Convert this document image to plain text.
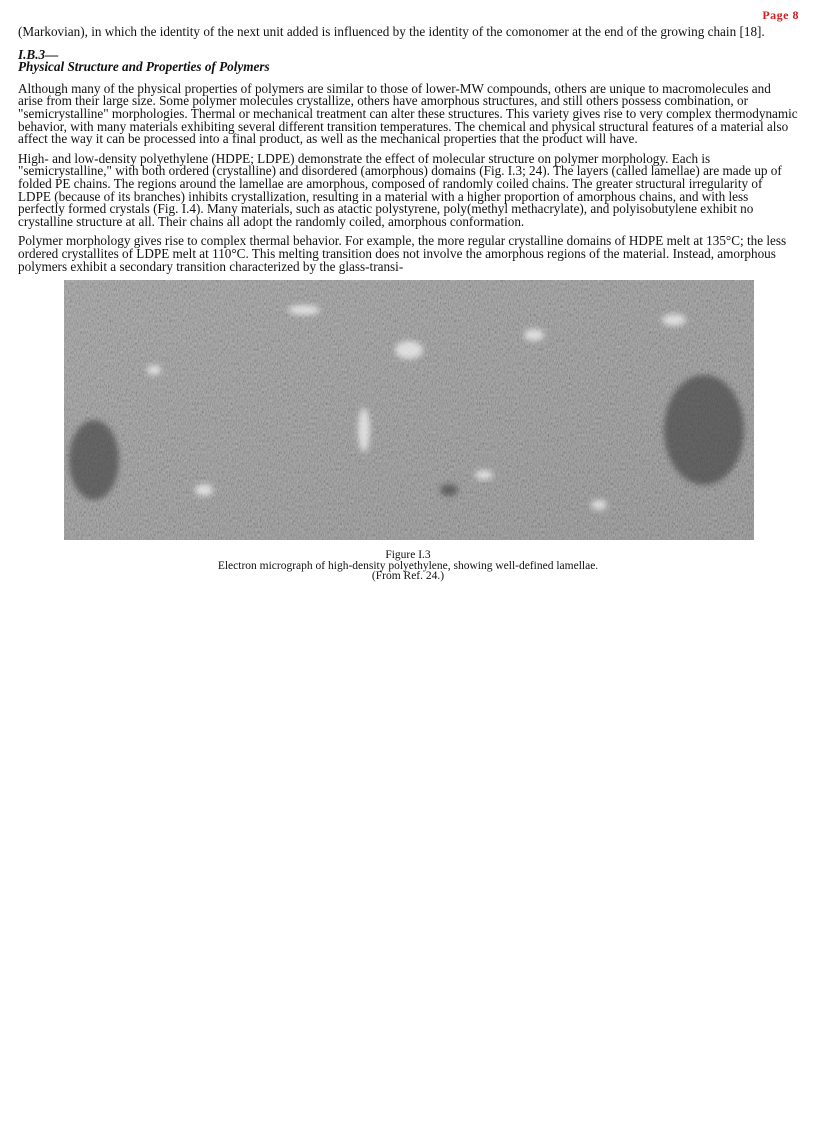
Page 8

(Markovian), in which the identity of the next unit added is influenced by the identity of the comonomer at the end of the growing chain [18].

I.B.3—
Physical Structure and Properties of Polymers

Although many of the physical properties of polymers are similar to those of lower-MW compounds, others are unique to macromolecules and arise from their large size. Some polymer molecules crystallize, others have amorphous structures, and still others possess combination, or "semicrystalline" morphologies. Thermal or mechanical treatment can alter these structures. This variety gives rise to very complex thermodynamic behavior, with many materials exhibiting several different transition temperatures. The chemical and physical structural features of a material also affect the way it can be processed into a final product, as well as the mechanical properties that the product will have.

High- and low-density polyethylene (HDPE; LDPE) demonstrate the effect of molecular structure on polymer morphology. Each is "semicrystalline," with both ordered (crystalline) and disordered (amorphous) domains (Fig. I.3; 24). The layers (called lamellae) are made up of folded PE chains. The regions around the lamellae are amorphous, composed of randomly coiled chains. The greater structural irregularity of LDPE (because of its branches) inhibits crystallization, resulting in a material with a higher proportion of amorphous chains, and with less perfectly formed crystals (Fig. I.4). Many materials, such as atactic polystyrene, poly(methyl methacrylate), and polyisobutylene exhibit no crystalline structure at all. Their chains all adopt the randomly coiled, amorphous conformation.

Polymer morphology gives rise to complex thermal behavior. For example, the more regular crystalline domains of HDPE melt at 135°C; the less ordered crystallites of LDPE melt at 110°C. This melting transition does not involve the amorphous regions of the material. Instead, amorphous polymers exhibit a secondary transition characterized by the glass-transi-

Figure I.3
Electron micrograph of high-density polyethylene, showing well-defined lamellae.
(From Ref. 24.)
